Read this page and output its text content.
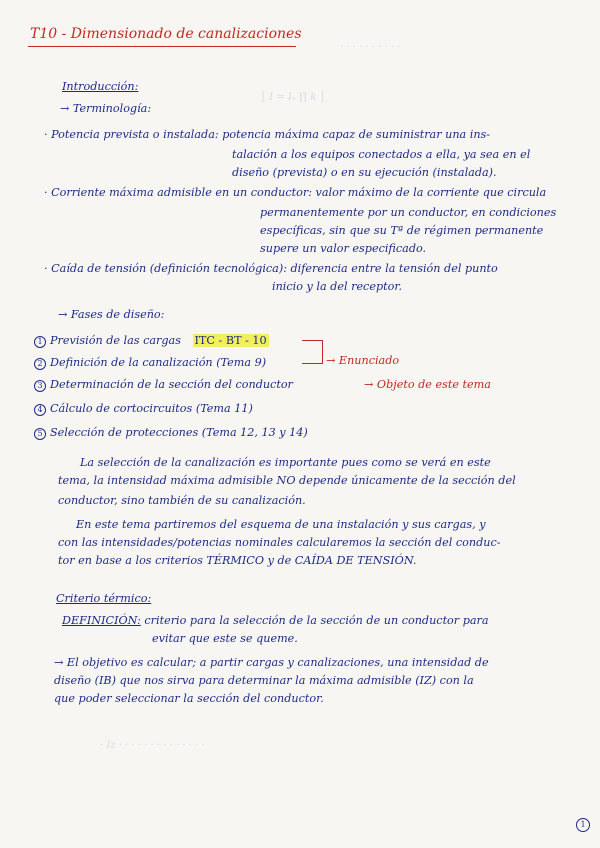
· · · · · · · · · ·
│ I = Iₙ ∏ k │
T10 - Dimensionado de canalizaciones
Introducción:
→ Terminología:
· Potencia prevista o instalada: potencia máxima capaz de suministrar una ins-
talación a los equipos conectados a ella, ya sea en el
diseño (prevista) o en su ejecución (instalada).
· Corriente máxima admisible en un conductor: valor máximo de la corriente que circula
permanentemente por un conductor, en condiciones
específicas, sin que su Tª de régimen permanente
supere un valor especificado.
· Caída de tensión (definición tecnológica): diferencia entre la tensión del punto
inicio y la del receptor.
→ Fases de diseño:
1 Previsión de las cargas ITC - BT - 10
2 Definición de la canalización (Tema 9)
3 Determinación de la sección del conductor
4 Cálculo de cortocircuitos (Tema 11)
5 Selección de protecciones (Tema 12, 13 y 14)
→ Enunciado
→ Objeto de este tema
La selección de la canalización es importante pues como se verá en este
tema, la intensidad máxima admisible NO depende únicamente de la sección del
conductor, sino también de su canalización.
En este tema partiremos del esquema de una instalación y sus cargas, y
con las intensidades/potencias nominales calcularemos la sección del conduc-
tor en base a los criterios TÉRMICO y de CAÍDA DE TENSIÓN.
Criterio térmico:
DEFINICIÓN: criterio para la selección de la sección de un conductor para
evitar que este se queme.
→ El objetivo es calcular; a partir cargas y canalizaciones, una intensidad de
diseño (IB) que nos sirva para determinar la máxima admisible (IZ) con la
que poder seleccionar la sección del conductor.
· Iz · · · · · · · · · · · · · ·
1
